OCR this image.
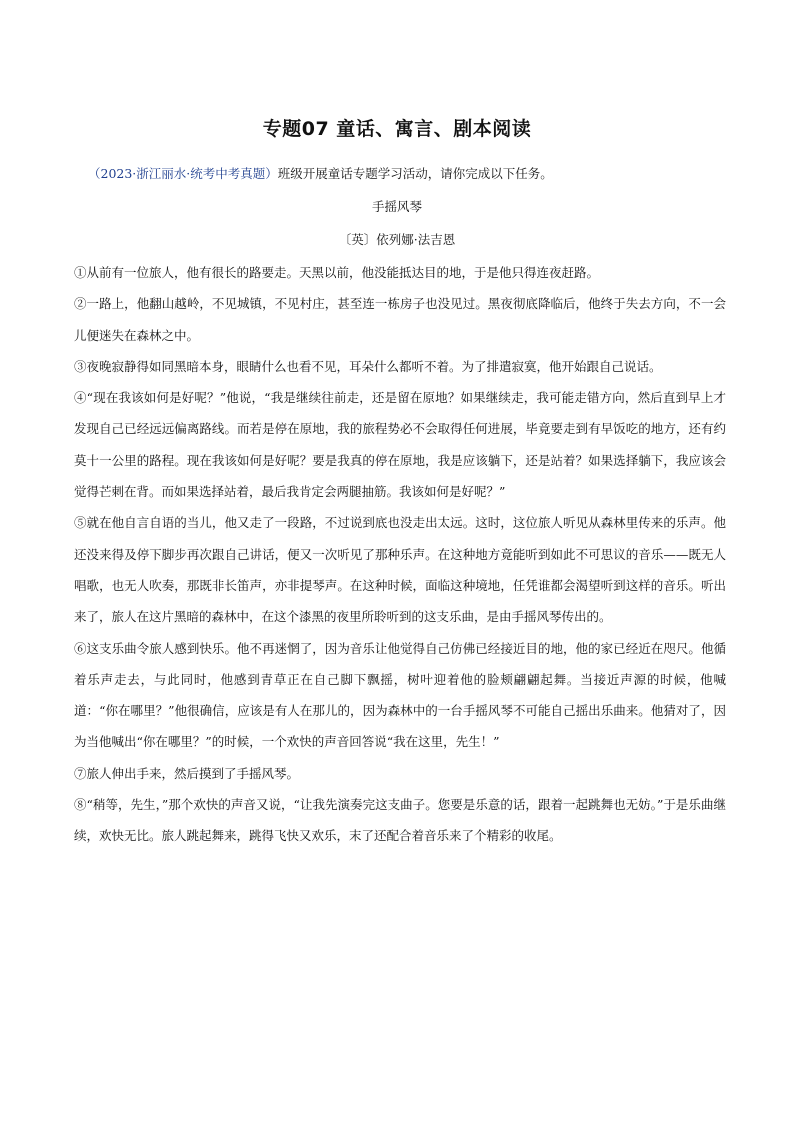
专题07 童话、寓言、剧本阅读
（2023·浙江丽水·统考中考真题）班级开展童话专题学习活动，请你完成以下任务。
手摇风琴
〔英〕依列娜·法吉恩

①从前有一位旅人，他有很长的路要走。天黑以前，他没能抵达目的地，于是他只得连夜赶路。

②一路上，他翻山越岭，不见城镇，不见村庄，甚至连一栋房子也没见过。黑夜彻底降临后，他终于失去方向，不一会儿便迷失在森林之中。

③夜晚寂静得如同黑暗本身，眼睛什么也看不见，耳朵什么都听不着。为了排遣寂寞，他开始跟自己说话。

④“现在我该如何是好呢？”他说，“我是继续往前走，还是留在原地？如果继续走，我可能走错方向，然后直到早上才发现自己已经远远偏离路线。而若是停在原地，我的旅程势必不会取得任何进展，毕竟要走到有早饭吃的地方，还有约莫十一公里的路程。现在我该如何是好呢？要是我真的停在原地，我是应该躺下，还是站着？如果选择躺下，我应该会觉得芒刺在背。而如果选择站着，最后我肯定会两腿抽筋。我该如何是好呢？”

⑤就在他自言自语的当儿，他又走了一段路，不过说到底也没走出太远。这时，这位旅人听见从森林里传来的乐声。他还没来得及停下脚步再次跟自己讲话，便又一次听见了那种乐声。在这种地方竟能听到如此不可思议的音乐——既无人唱歌，也无人吹奏，那既非长笛声，亦非提琴声。在这种时候，面临这种境地，任凭谁都会渴望听到这样的音乐。听出来了，旅人在这片黑暗的森林中，在这个漆黑的夜里所聆听到的这支乐曲，是由手摇风琴传出的。

⑥这支乐曲令旅人感到快乐。他不再迷惘了，因为音乐让他觉得自己仿佛已经接近目的地，他的家已经近在咫尺。他循着乐声走去，与此同时，他感到青草正在自己脚下飘摇，树叶迎着他的脸颊翩翩起舞。当接近声源的时候，他喊道：“你在哪里？”他很确信，应该是有人在那儿的，因为森林中的一台手摇风琴不可能自己摇出乐曲来。他猜对了，因为当他喊出“你在哪里？”的时候，一个欢快的声音回答说“我在这里，先生！”

⑦旅人伸出手来，然后摸到了手摇风琴。

⑧“稍等，先生，”那个欢快的声音又说，“让我先演奏完这支曲子。您要是乐意的话，跟着一起跳舞也无妨。”于是乐曲继续，欢快无比。旅人跳起舞来，跳得飞快又欢乐，末了还配合着音乐来了个精彩的收尾。
